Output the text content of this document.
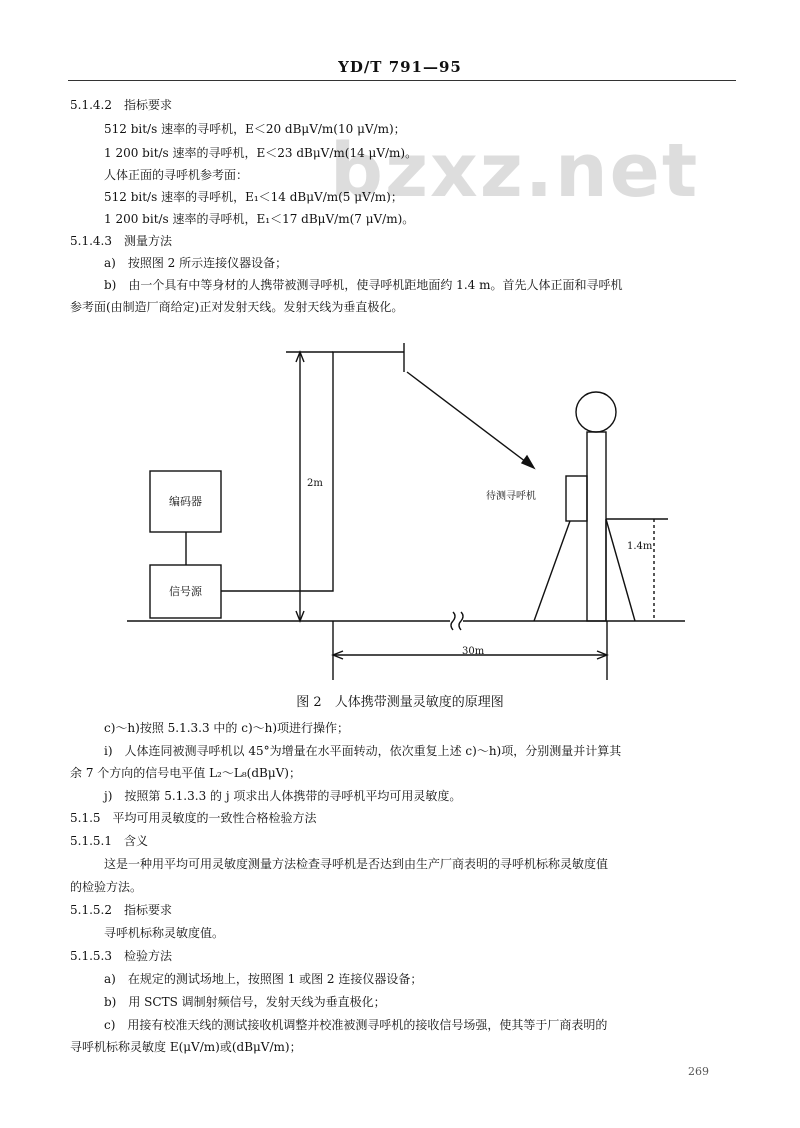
YD/T 791—95
bzxz.net
5.1.4.2　指标要求
512 bit/s 速率的寻呼机，E＜20 dBμV/m(10 μV/m)；
1 200 bit/s 速率的寻呼机，E＜23 dBμV/m(14 μV/m)。
人体正面的寻呼机参考面：
512 bit/s 速率的寻呼机，E₁＜14 dBμV/m(5 μV/m)；
1 200 bit/s 速率的寻呼机，E₁＜17 dBμV/m(7 μV/m)。
5.1.4.3　测量方法
a)　按照图 2 所示连接仪器设备；
b)　由一个具有中等身材的人携带被测寻呼机，使寻呼机距地面约 1.4 m。首先人体正面和寻呼机
参考面(由制造厂商给定)正对发射天线。发射天线为垂直极化。
编码器
信号源
2m
待测寻呼机
1.4m
30m
图 2　人体携带测量灵敏度的原理图
c)～h)按照 5.1.3.3 中的 c)～h)项进行操作；
i)　人体连同被测寻呼机以 45°为增量在水平面转动，依次重复上述 c)～h)项，分别测量并计算其
余 7 个方向的信号电平值 L₂～L₈(dBμV)；
j)　按照第 5.1.3.3 的 j 项求出人体携带的寻呼机平均可用灵敏度。
5.1.5　平均可用灵敏度的一致性合格检验方法
5.1.5.1　含义
这是一种用平均可用灵敏度测量方法检查寻呼机是否达到由生产厂商表明的寻呼机标称灵敏度值
的检验方法。
5.1.5.2　指标要求
寻呼机标称灵敏度值。
5.1.5.3　检验方法
a)　在规定的测试场地上，按照图 1 或图 2 连接仪器设备；
b)　用 SCTS 调制射频信号，发射天线为垂直极化；
c)　用接有校准天线的测试接收机调整并校准被测寻呼机的接收信号场强，使其等于厂商表明的
寻呼机标称灵敏度 E(μV/m)或(dBμV/m)；
269
